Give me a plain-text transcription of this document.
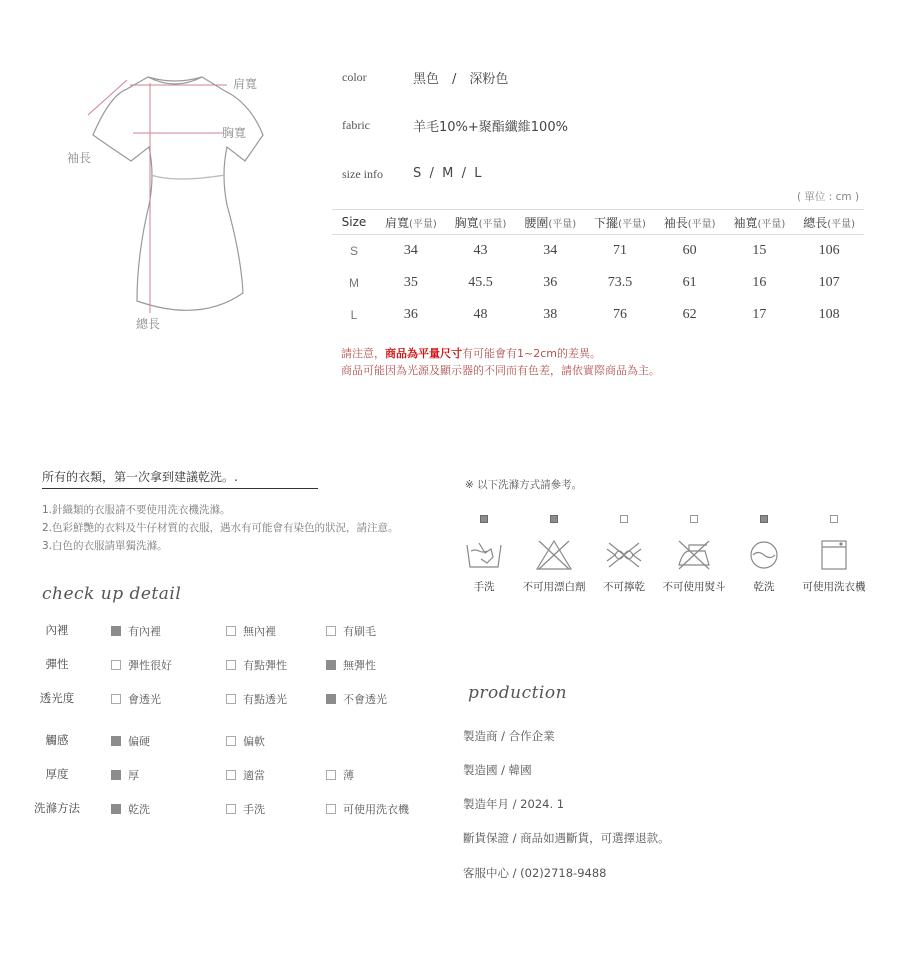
肩寬
胸寬
袖長
總長
color	黑色　/　深粉色
fabric	羊毛10%+聚酯纖維100%
size info S  /  M  /  L
( 單位 : cm )
Size	肩寬(平量)	胸寬(平量)	腰圍(平量)	下擺(平量)	袖長(平量)	袖寬(平量)	總長(平量)
S	34	43	34	71	60	15	106
M	35	45.5	36	73.5	61	16	107
L	36	48	38	76	62	17	108
請注意，商品為平量尺寸有可能會有1~2cm的差異。
商品可能因為光源及顯示器的不同而有色差，請依實際商品為主。
所有的衣類，第一次拿到建議乾洗。.
1.針織類的衣服請不要使用洗衣機洗滌。
2.色彩鮮艷的衣料及牛仔材質的衣服，遇水有可能會有染色的狀況，請注意。
3.白色的衣服請單獨洗滌。
check up detail
內裡	有內裡	無內裡	有刷毛
彈性	彈性很好	有點彈性	無彈性
透光度	會透光	有點透光	不會透光
觸感	偏硬	偏軟
厚度	厚	適當	薄
洗滌方法	乾洗	手洗	可使用洗衣機
※ 以下洗滌方式請參考。
手洗	不可用漂白劑	不可擰乾	不可使用熨斗	乾洗	可使用洗衣機
production
製造商 / 合作企業
製造國 / 韓國
製造年月 / 2024. 1
斷貨保證 / 商品如遇斷貨，可選擇退款。
客服中心 / (02)2718-9488
